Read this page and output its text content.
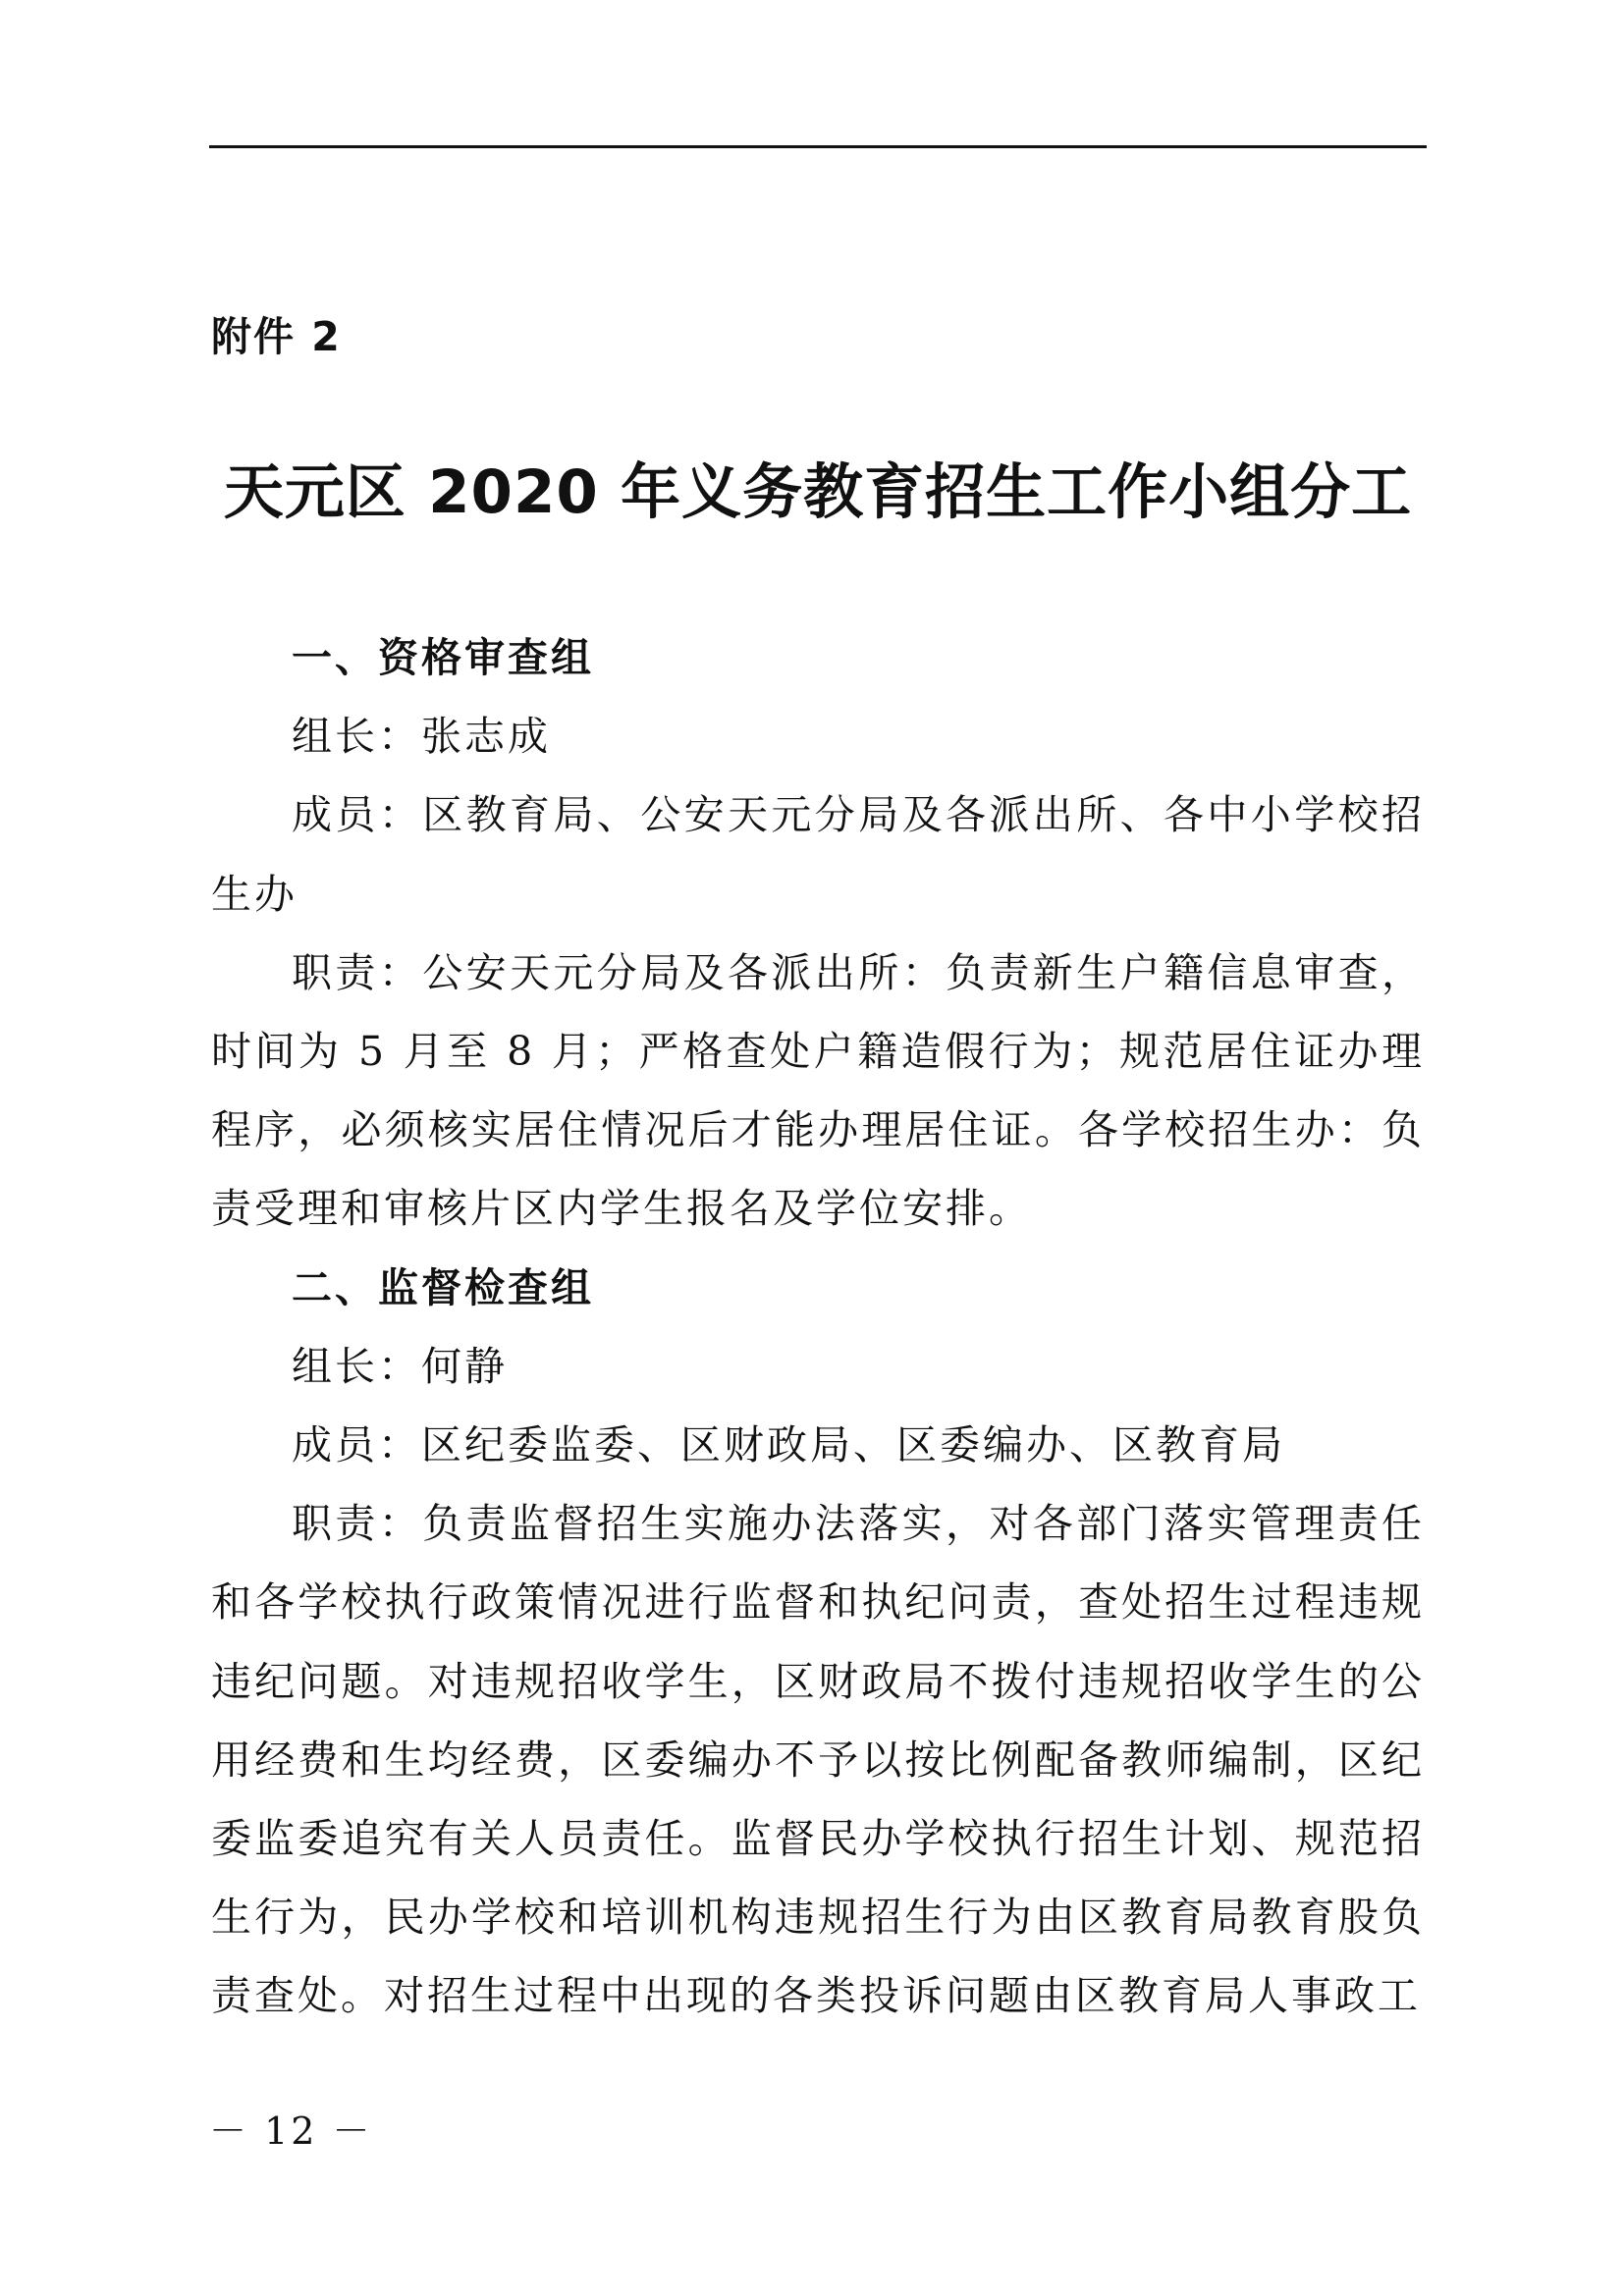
附件 2
天元区 2020 年义务教育招生工作小组分工

一、资格审查组

组长：张志成

成员：区教育局、公安天元分局及各派出所、各中小学校招生办

职责：公安天元分局及各派出所：负责新生户籍信息审查，时间为 5 月至 8 月；严格查处户籍造假行为；规范居住证办理程序，必须核实居住情况后才能办理居住证。各学校招生办：负责受理和审核片区内学生报名及学位安排。

二、监督检查组

组长：何静

成员：区纪委监委、区财政局、区委编办、区教育局

职责：负责监督招生实施办法落实，对各部门落实管理责任和各学校执行政策情况进行监督和执纪问责，查处招生过程违规违纪问题。对违规招收学生，区财政局不拨付违规招收学生的公用经费和生均经费，区委编办不予以按比例配备教师编制，区纪委监委追究有关人员责任。监督民办学校执行招生计划、规范招生行为，民办学校和培训机构违规招生行为由区教育局教育股负责查处。对招生过程中出现的各类投诉问题由区教育局人事政工

－ 12 －
